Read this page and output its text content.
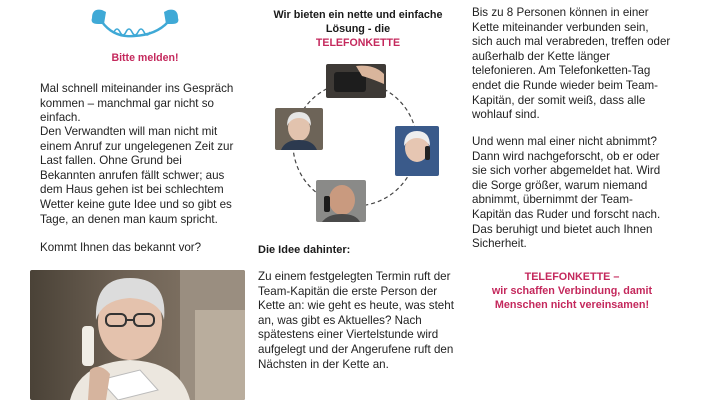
Bitte melden!
Mal schnell miteinander ins Gespräch kommen – manchmal gar nicht so einfach.
Den Verwandten will man nicht mit einem Anruf zur ungelegenen Zeit zur Last fallen. Ohne Grund bei Bekannten anrufen fällt schwer; aus dem Haus gehen ist bei schlechtem Wetter keine gute Idee und so gibt es Tage, an denen man kaum spricht.
Kommt Ihnen das bekannt vor?
Wir bieten ein nette und einfache
Lösung - die
TELEFONKETTE
Die Idee dahinter:
Zu einem festgelegten Termin ruft der Team-Kapitän die erste Person der Kette an: wie geht es heute, was steht an, was gibt es Aktuelles? Nach spätestens einer Viertelstunde wird aufgelegt und der Angerufene ruft den Nächsten in der Kette an.
Bis zu 8 Personen können in einer Kette miteinander verbunden sein, sich auch mal verabreden, treffen oder außerhalb der Kette länger telefonieren. Am Telefonketten-Tag endet die Runde wieder beim Team-Kapitän, der somit weiß, dass alle wohlauf sind.
Und wenn mal einer nicht abnimmt? Dann wird nachgeforscht, ob er oder sie sich vorher abgemeldet hat. Wird die Sorge größer, warum niemand abnimmt, übernimmt der Team-Kapitän das Ruder und forscht nach. Das beruhigt und bietet auch Ihnen Sicherheit.
TELEFONKETTE –
wir schaffen Verbindung, damit
Menschen nicht vereinsamen!
